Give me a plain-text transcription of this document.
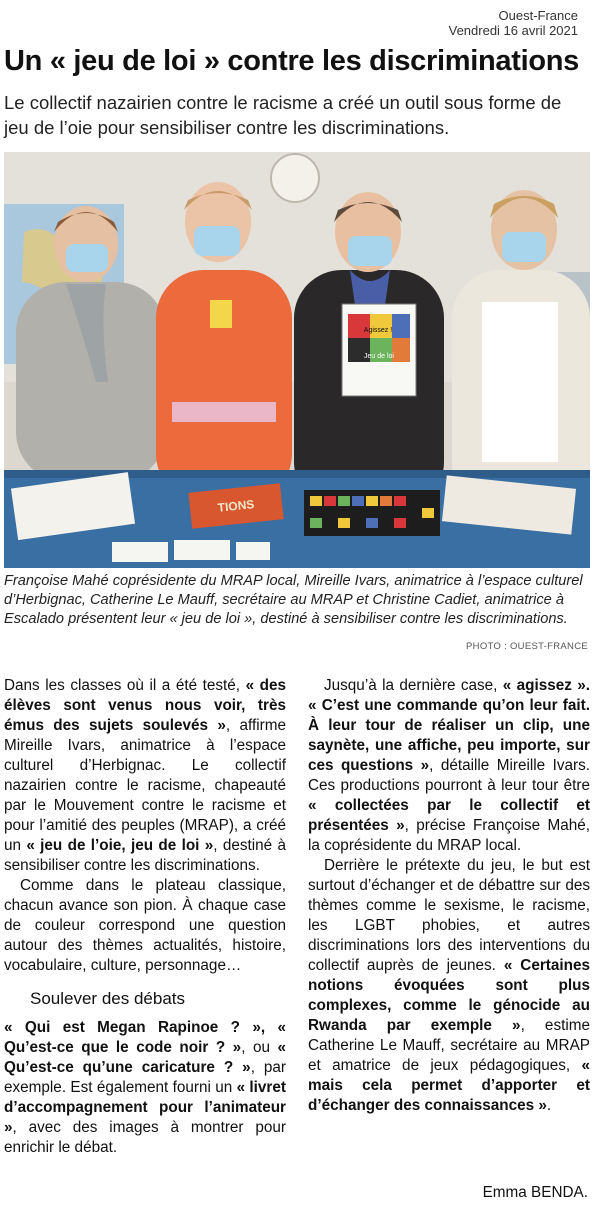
Ouest-France
Vendredi 16 avril 2021
Un « jeu de loi » contre les discriminations

Le collectif nazairien contre le racisme a créé un outil sous forme de jeu de l’oie pour sensibiliser contre les discriminations.

Agissez !
Jeu de loi
TIONS

Françoise Mahé coprésidente du MRAP local, Mireille Ivars, animatrice à l’espace culturel d’Herbignac, Catherine Le Mauff, secrétaire au MRAP et Christine Cadiet, animatrice à Escalado présentent leur « jeu de loi », destiné à sensibiliser contre les discriminations.

PHOTO : OUEST-FRANCE

Dans les classes où il a été testé, « des élèves sont venus nous voir, très émus des sujets soulevés », affirme Mireille Ivars, animatrice à l’espace culturel d’Herbignac. Le collectif nazairien contre le racisme, chapeauté par le Mouvement contre le racisme et pour l’amitié des peuples (MRAP), a créé un « jeu de l’oie, jeu de loi », destiné à sensibiliser contre les discriminations.

Comme dans le plateau classique, chacun avance son pion. À chaque case de couleur correspond une question autour des thèmes actualités, histoire, vocabulaire, culture, personnage…

Soulever des débats

« Qui est Megan Rapinoe ? », « Qu’est-ce que le code noir ? », ou « Qu’est-ce qu’une caricature ? », par exemple. Est également fourni un « livret d’accompagnement pour l’animateur », avec des images à montrer pour enrichir le débat.

Jusqu’à la dernière case, « agissez ». « C’est une commande qu’on leur fait. À leur tour de réaliser un clip, une saynète, une affiche, peu importe, sur ces questions », détaille Mireille Ivars. Ces productions pourront à leur tour être « collectées par le collectif et présentées », précise Françoise Mahé, la coprésidente du MRAP local.

Derrière le prétexte du jeu, le but est surtout d’échanger et de débattre sur des thèmes comme le sexisme, le racisme, les LGBT phobies, et autres discriminations lors des interventions du collectif auprès de jeunes. « Certaines notions évoquées sont plus complexes, comme le génocide au Rwanda par exemple », estime Catherine Le Mauff, secrétaire au MRAP et amatrice de jeux pédagogiques, « mais cela permet d’apporter et d’échanger des connaissances ».

Emma BENDA.
